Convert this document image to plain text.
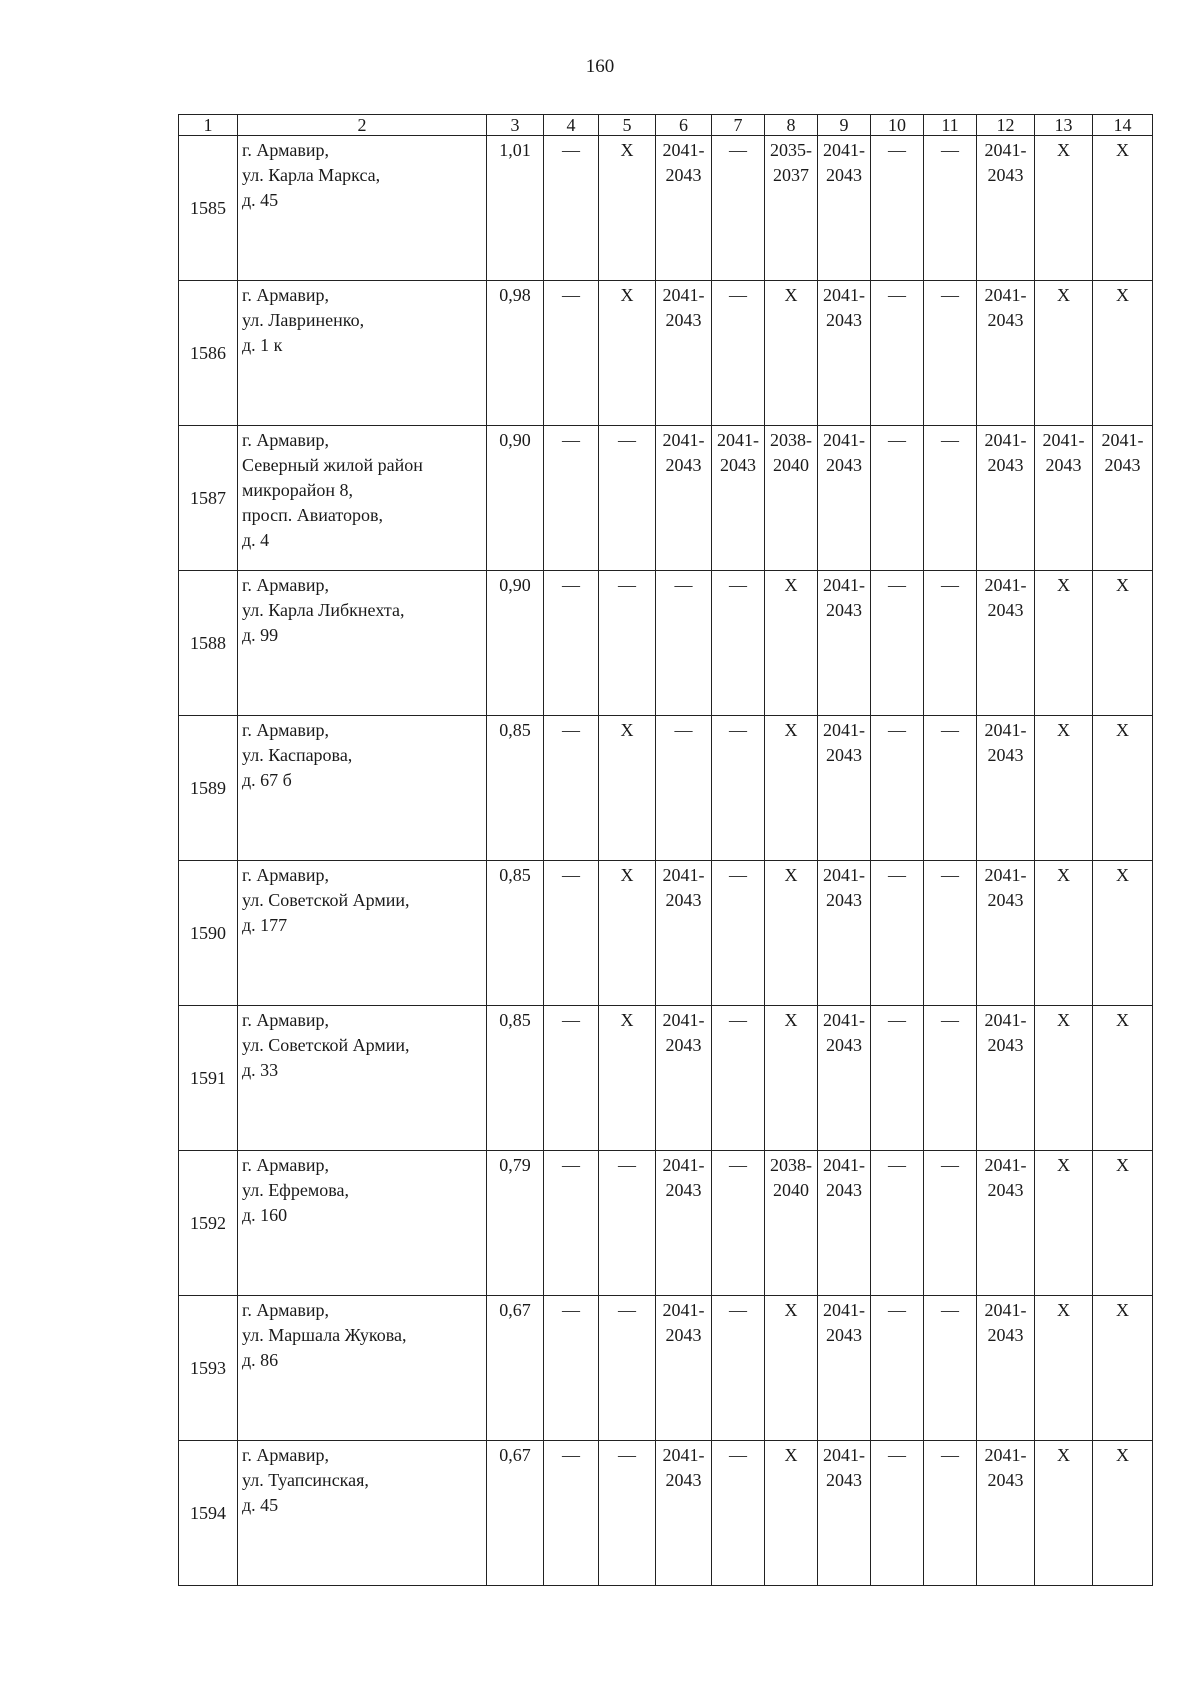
160
1	2	3	4	5	6	7	8	9	10	11	12	13	14
1585	г. Армавир,
ул. Карла Маркса,
д. 45	1,01	—	Х	2041-
2043	—	2035-
2037	2041-
2043	—	—	2041-
2043	Х	Х
1586	г. Армавир,
ул. Лавриненко,
д. 1 к	0,98	—	Х	2041-
2043	—	Х	2041-
2043	—	—	2041-
2043	Х	Х
1587	г. Армавир,
Северный жилой район
микрорайон 8,
просп. Авиаторов,
д. 4	0,90	—	—	2041-
2043	2041-
2043	2038-
2040	2041-
2043	—	—	2041-
2043	2041-
2043	2041-
2043

1588	г. Армавир,
ул. Карла Либкнехта,
д. 99	0,90	—	—	—	—	Х	2041-
2043	—	—	2041-
2043	Х	Х
1589	г. Армавир,
ул. Каспарова,
д. 67 б	0,85	—	Х	—	—	Х	2041-
2043	—	—	2041-
2043	Х	Х
1590	г. Армавир,
ул. Советской Армии,
д. 177	0,85	—	Х	2041-
2043	—	Х	2041-
2043	—	—	2041-
2043	Х	Х
1591	г. Армавир,
ул. Советской Армии,
д. 33	0,85	—	Х	2041-
2043	—	Х	2041-
2043	—	—	2041-
2043	Х	Х
1592	г. Армавир,
ул. Ефремова,
д. 160	0,79	—	—	2041-
2043	—	2038-
2040	2041-
2043	—	—	2041-
2043	Х	Х
1593	г. Армавир,
ул. Маршала Жукова,
д. 86	0,67	—	—	2041-
2043	—	Х	2041-
2043	—	—	2041-
2043	Х	Х
1594	г. Армавир,
ул. Туапсинская,
д. 45	0,67	—	—	2041-
2043	—	Х	2041-
2043	—	—	2041-
2043	Х	Х
